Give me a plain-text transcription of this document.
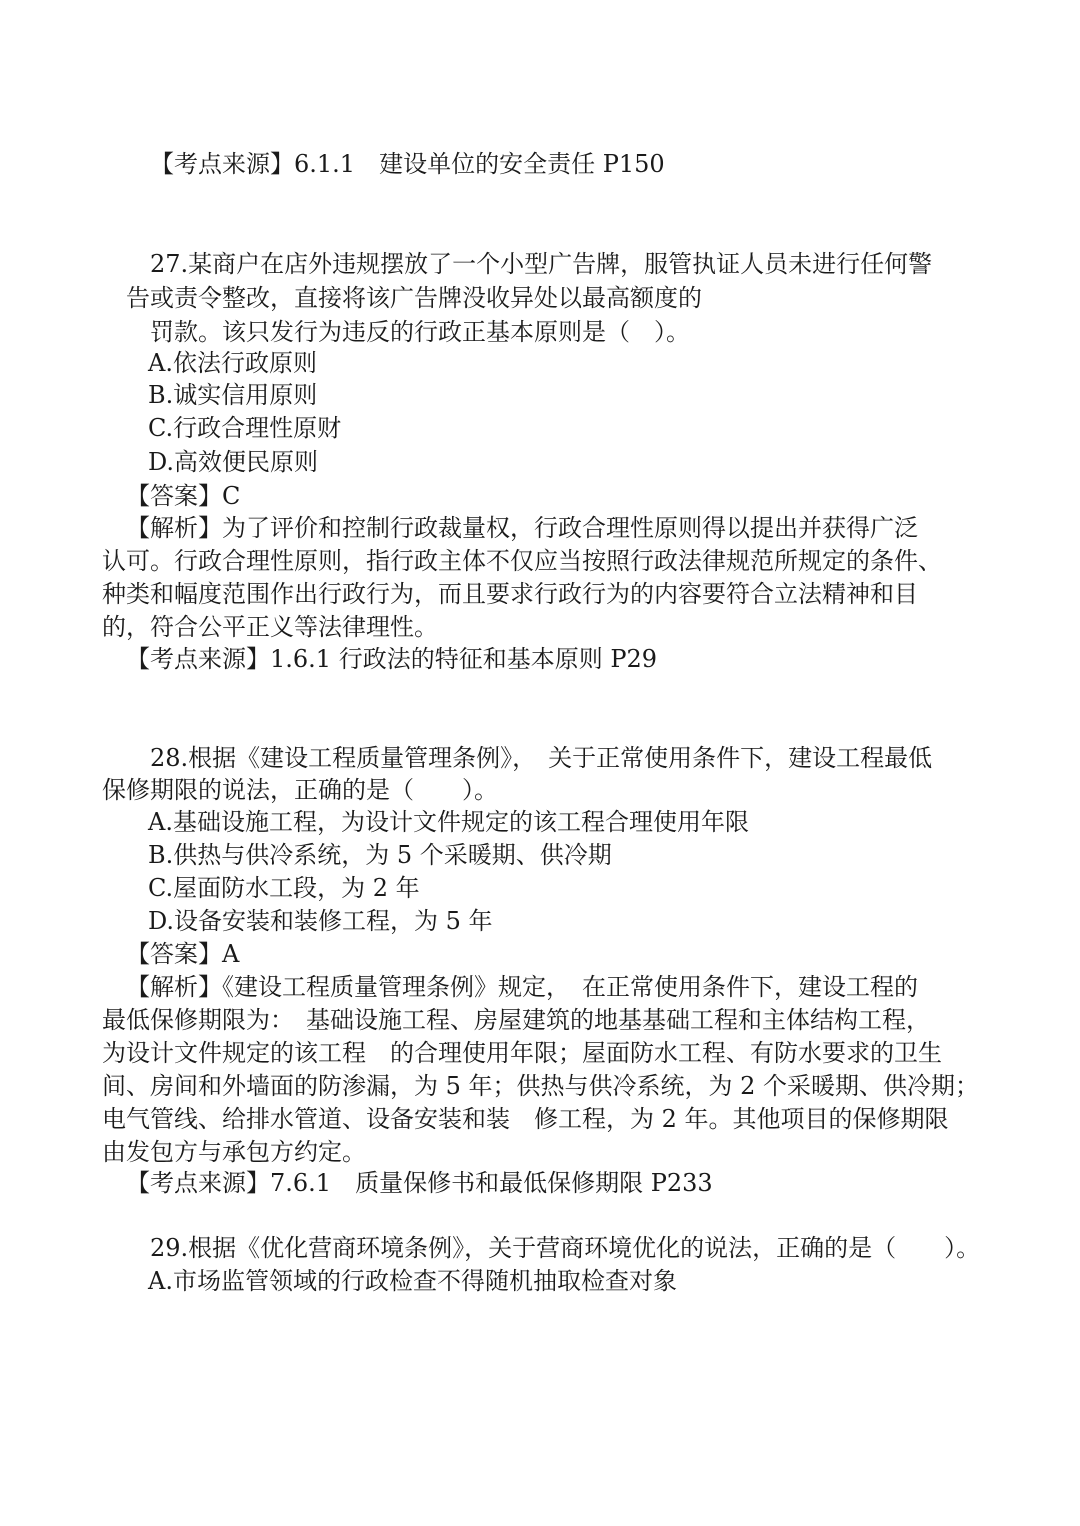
【考点来源】6.1.1　建设单位的安全责任 P150
27.某商户在店外违规摆放了一个小型广告牌，服管执证人员未进行任何警
告或责令整改，直接将该广告牌没收异处以最高额度的
罚款。该只发行为违反的行政正基本原则是（　）。
A.依法行政原则
B.诚实信用原则
C.行政合理性原财
D.高效便民原则
【答案】C
【解析】为了评价和控制行政裁量权，行政合理性原则得以提出并获得广泛
认可。行政合理性原则，指行政主体不仅应当按照行政法律规范所规定的条件、
种类和幅度范围作出行政行为，而且要求行政行为的内容要符合立法精神和目
的，符合公平正义等法律理性。
【考点来源】1.6.1 行政法的特征和基本原则 P29
28.根据《建设工程质量管理条例》，　关于正常使用条件下，建设工程最低
保修期限的说法，正确的是（　　）。
A.基础设施工程，为设计文件规定的该工程合理使用年限
B.供热与供冷系统，为 5 个采暖期、供冷期
C.屋面防水工段，为 2 年
D.设备安装和装修工程，为 5 年
【答案】A
【解析】《建设工程质量管理条例》规定，　在正常使用条件下，建设工程的
最低保修期限为：　基础设施工程、房屋建筑的地基基础工程和主体结构工程，
为设计文件规定的该工程　的合理使用年限；屋面防水工程、有防水要求的卫生
间、房间和外墙面的防渗漏，为 5 年；供热与供冷系统，为 2 个采暖期、供冷期；
电气管线、给排水管道、设备安装和装　修工程，为 2 年。其他项目的保修期限
由发包方与承包方约定。
【考点来源】7.6.1　质量保修书和最低保修期限 P233
29.根据《优化营商环境条例》，关于营商环境优化的说法，正确的是（　　）。
A.市场监管领域的行政检查不得随机抽取检查对象
